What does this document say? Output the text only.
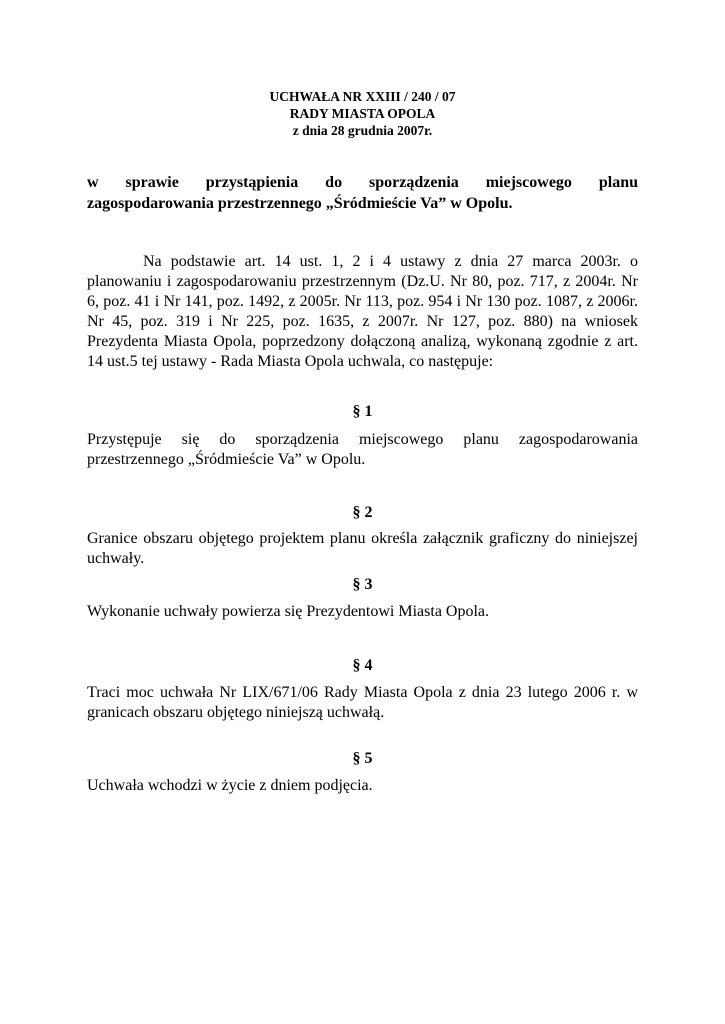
UCHWAŁA NR XXIII / 240 / 07
RADY MIASTA OPOLA
z dnia 28 grudnia 2007r.
w sprawie przystąpienia do sporządzenia miejscowego planu
zagospodarowania przestrzennego „Śródmieście Va” w Opolu.
Na podstawie art. 14 ust. 1, 2 i 4 ustawy z dnia 27 marca 2003r. o planowaniu i zagospodarowaniu przestrzennym (Dz.U. Nr 80, poz. 717, z 2004r. Nr 6, poz. 41 i Nr 141, poz. 1492, z 2005r. Nr 113, poz. 954 i Nr 130 poz. 1087, z 2006r. Nr 45, poz. 319 i Nr 225, poz. 1635, z 2007r. Nr 127, poz. 880) na wniosek Prezydenta Miasta Opola, poprzedzony dołączoną analizą, wykonaną zgodnie z art. 14 ust.5 tej ustawy - Rada Miasta Opola uchwala, co następuje:
§ 1
Przystępuje się do sporządzenia miejscowego planu zagospodarowania przestrzennego „Śródmieście Va” w Opolu.
§ 2
Granice obszaru objętego projektem planu określa załącznik graficzny do niniejszej uchwały.
§ 3
Wykonanie uchwały powierza się Prezydentowi Miasta Opola.
§ 4
Traci moc uchwała Nr LIX/671/06 Rady Miasta Opola z dnia 23 lutego 2006 r. w granicach obszaru objętego niniejszą uchwałą.
§ 5
Uchwała wchodzi w życie z dniem podjęcia.
